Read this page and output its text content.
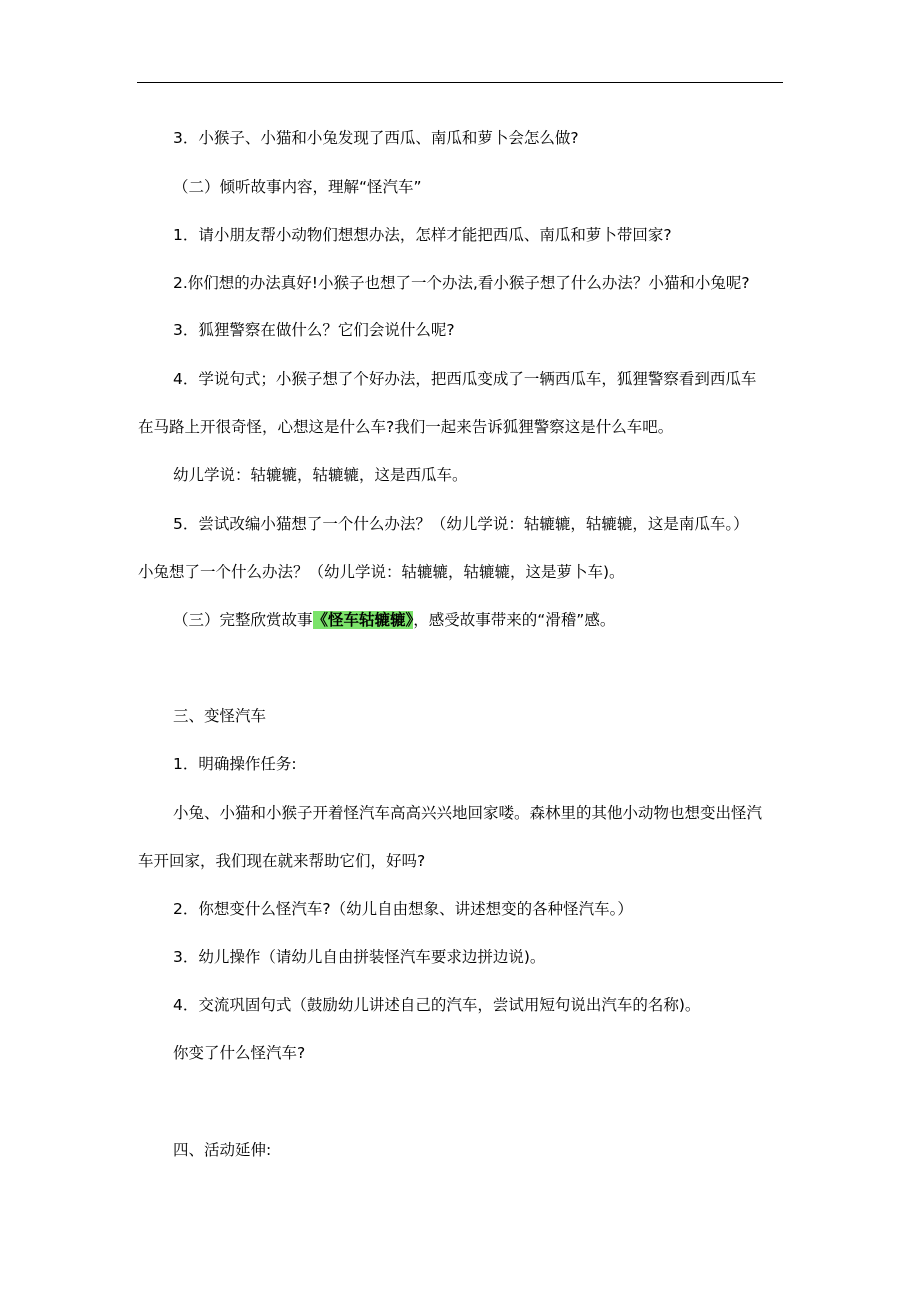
3．小猴子、小猫和小兔发现了西瓜、南瓜和萝卜会怎么做?
（二）倾听故事内容，理解“怪汽车”
1．请小朋友帮小动物们想想办法，怎样才能把西瓜、南瓜和萝卜带回家?
2.你们想的办法真好!小猴子也想了一个办法,看小猴子想了什么办法？小猫和小兔呢?
3．狐狸警察在做什么？它们会说什么呢?
4．学说句式；小猴子想了个好办法，把西瓜变成了一辆西瓜车，狐狸警察看到西瓜车
在马路上开很奇怪，心想这是什么车?我们一起来告诉狐狸警察这是什么车吧。
幼儿学说：轱辘辘，轱辘辘，这是西瓜车。
5．尝试改编小猫想了一个什么办法？（幼儿学说：轱辘辘，轱辘辘，这是南瓜车。）
小兔想了一个什么办法？（幼儿学说：轱辘辘，轱辘辘，这是萝卜车)。
（三）完整欣赏故事《怪车轱辘辘》，感受故事带来的“滑稽”感。
三、变怪汽车
1．明确操作任务:
小兔、小猫和小猴子开着怪汽车高高兴兴地回家喽。森林里的其他小动物也想变出怪汽
车开回家，我们现在就来帮助它们，好吗?
2．你想变什么怪汽车?（幼儿自由想象、讲述想变的各种怪汽车。）
3．幼儿操作（请幼儿自由拼装怪汽车要求边拼边说)。
4．交流巩固句式（鼓励幼儿讲述自己的汽车，尝试用短句说出汽车的名称)。
你变了什么怪汽车?
四、活动延伸:
